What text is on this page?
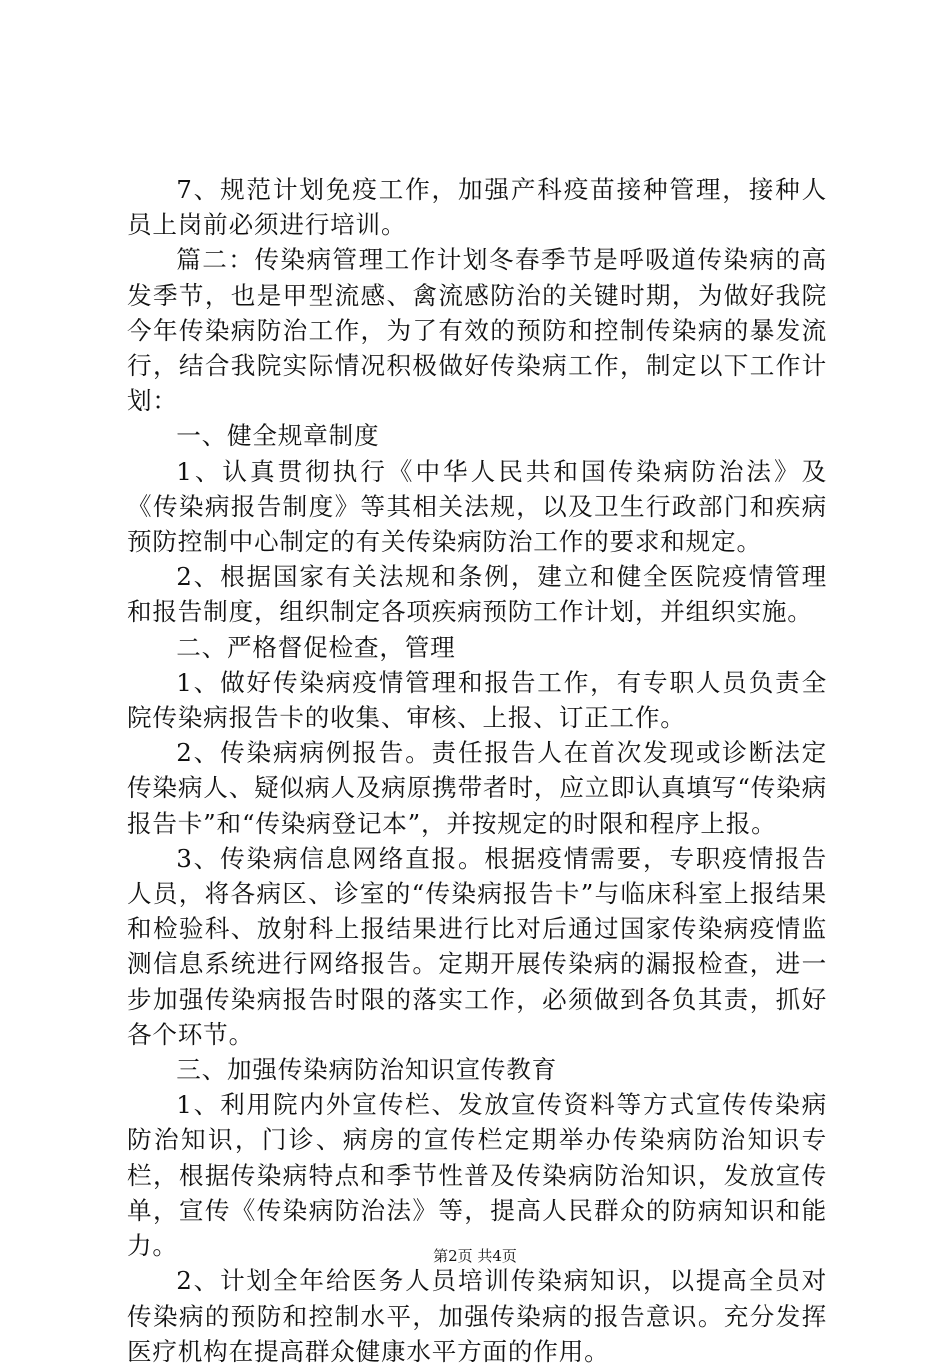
7、规范计划免疫工作，加强产科疫苗接种管理，接种人员上岗前必须进行培训。

篇二：传染病管理工作计划冬春季节是呼吸道传染病的高发季节，也是甲型流感、禽流感防治的关键时期，为做好我院今年传染病防治工作，为了有效的预防和控制传染病的暴发流行，结合我院实际情况积极做好传染病工作，制定以下工作计划：

一、健全规章制度

1、认真贯彻执行《中华人民共和国传染病防治法》及《传染病报告制度》等其相关法规，以及卫生行政部门和疾病预防控制中心制定的有关传染病防治工作的要求和规定。

2、根据国家有关法规和条例，建立和健全医院疫情管理和报告制度，组织制定各项疾病预防工作计划，并组织实施。

二、严格督促检查，管理

1、做好传染病疫情管理和报告工作，有专职人员负责全院传染病报告卡的收集、审核、上报、订正工作。

2、传染病病例报告。责任报告人在首次发现或诊断法定传染病人、疑似病人及病原携带者时，应立即认真填写“传染病报告卡”和“传染病登记本”，并按规定的时限和程序上报。

3、传染病信息网络直报。根据疫情需要，专职疫情报告人员，将各病区、诊室的“传染病报告卡”与临床科室上报结果和检验科、放射科上报结果进行比对后通过国家传染病疫情监测信息系统进行网络报告。定期开展传染病的漏报检查，进一步加强传染病报告时限的落实工作，必须做到各负其责，抓好各个环节。

三、加强传染病防治知识宣传教育

1、利用院内外宣传栏、发放宣传资料等方式宣传传染病防治知识，门诊、病房的宣传栏定期举办传染病防治知识专栏，根据传染病特点和季节性普及传染病防治知识，发放宣传单，宣传《传染病防治法》等，提高人民群众的防病知识和能力。

2、计划全年给医务人员培训传染病知识，以提高全员对传染病的预防和控制水平，加强传染病的报告意识。充分发挥医疗机构在提高群众健康水平方面的作用。

第2页 共4页
